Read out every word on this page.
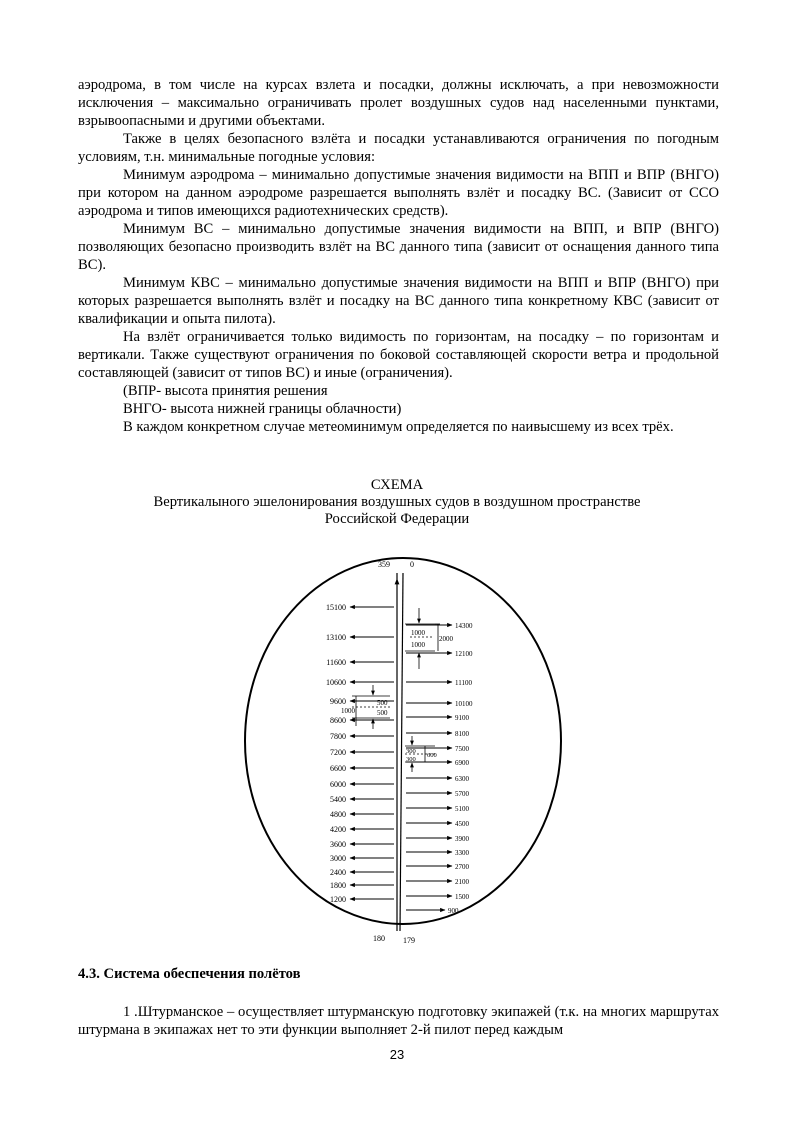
аэродрома, в том числе на курсах взлета и посадки, должны исключать, а при невозможности исключения – максимально ограничивать пролет воздушных судов над населенными пунктами, взрывоопасными и другими объектами.

Также в целях безопасного взлёта и посадки устанавливаются ограничения по погодным условиям, т.н. минимальные погодные условия:

Минимум аэродрома – минимально допустимые значения видимости на ВПП и ВПР (ВНГО) при котором на данном аэродроме разрешается выполнять взлёт и посадку ВС. (Зависит от ССО аэродрома и типов имеющихся радиотехнических средств).

Минимум ВС – минимально допустимые значения видимости на ВПП, и ВПР (ВНГО) позволяющих безопасно производить взлёт на ВС данного типа (зависит от оснащения данного типа ВС).

Минимум КВС – минимально допустимые значения видимости на ВПП и ВПР (ВНГО) при которых разрешается выполнять взлёт и посадку на ВС данного типа конкретному КВС (зависит от квалификации и опыта пилота).

На взлёт ограничивается только видимость по горизонтам, на посадку – по горизонтам и вертикали. Также существуют ограничения по боковой составляющей скорости ветра и продольной составляющей (зависит от типов ВС) и иные (ограничения).

(ВПР- высота принятия решения

ВНГО- высота нижней границы облачности)

В каждом конкретном случае метеоминимум определяется по наивысшему из всех трёх.

СХЕМА
Вертикалыного эшелонирования воздушных судов в воздушном пространстве
Российской Федерации
359	0
180 179
15100
13100
11600
10600
9600
8600
7800
7200
6600
6000
5400
4800
4200
3600
3000
2400
1800
1200
14300
12100
11100
10100
9100
8100
7500
6900
6300
5700
5100
4500
3900
3300
2700
2100
1500
900
1000
1000
2000
1000
500
500
300
300
600
4.3. Система обеспечения полётов

1 .Штурманское – осуществляет штурманскую подготовку экипажей (т.к. на многих маршрутах штурмана в экипажах нет то эти функции выполняет 2-й пилот перед каждым

23
